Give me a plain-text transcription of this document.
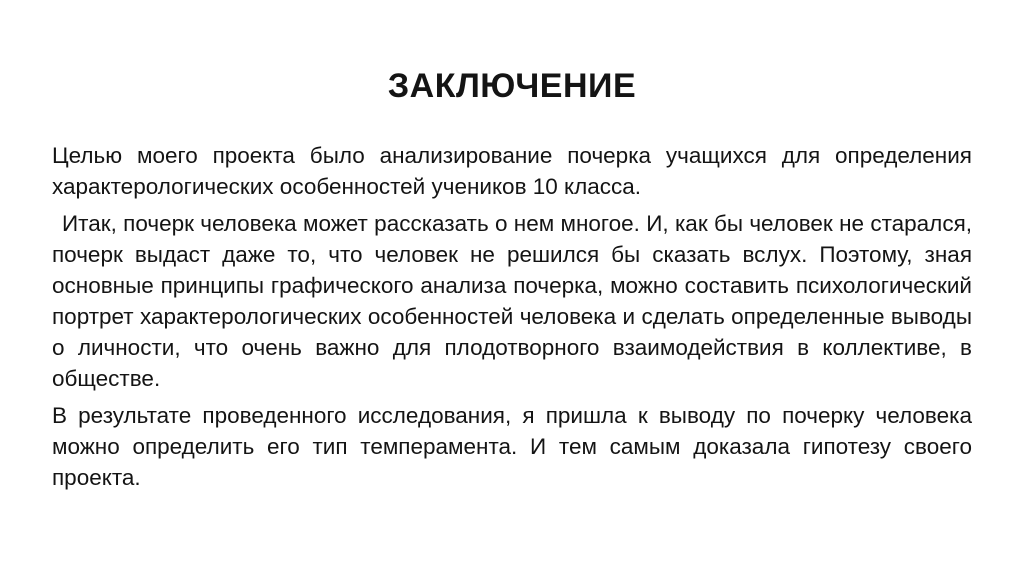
ЗАКЛЮЧЕНИЕ

Целью моего проекта было анализирование почерка учащихся для определения характерологических особенностей учеников 10 класса.

Итак, почерк человека может рассказать о нем многое. И, как бы человек не старался, почерк выдаст даже то, что человек не решился бы сказать вслух. Поэтому, зная основные принципы графического анализа почерка, можно составить психологический портрет характерологических особенностей человека и сделать определенные выводы о личности, что очень важно для плодотворного взаимодействия в коллективе, в обществе.

В результате проведенного исследования, я пришла к выводу по почерку человека можно определить его тип темперамента. И тем самым доказала гипотезу своего проекта.
